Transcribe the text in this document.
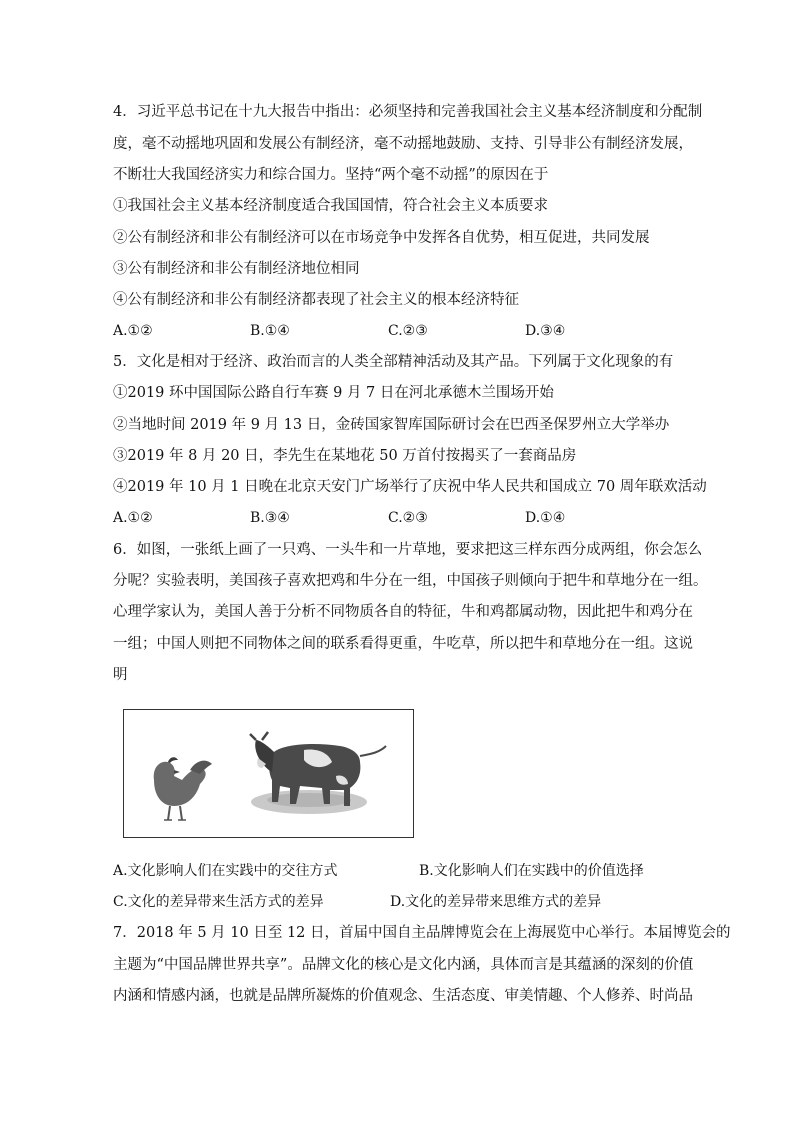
4．习近平总书记在十九大报告中指出：必须坚持和完善我国社会主义基本经济制度和分配制
度，毫不动摇地巩固和发展公有制经济，毫不动摇地鼓励、支持、引导非公有制经济发展，
不断壮大我国经济实力和综合国力。坚持“两个毫不动摇”的原因在于
①我国社会主义基本经济制度适合我国国情，符合社会主义本质要求
②公有制经济和非公有制经济可以在市场竞争中发挥各自优势，相互促进，共同发展
③公有制经济和非公有制经济地位相同
④公有制经济和非公有制经济都表现了社会主义的根本经济特征
A.①②	B.①④	C.②③	D.③④
5．文化是相对于经济、政治而言的人类全部精神活动及其产品。下列属于文化现象的有
①2019 环中国国际公路自行车赛 9 月 7 日在河北承德木兰围场开始
②当地时间 2019 年 9 月 13 日，金砖国家智库国际研讨会在巴西圣保罗州立大学举办
③2019 年 8 月 20 日，李先生在某地花 50 万首付按揭买了一套商品房
④2019 年 10 月 1 日晚在北京天安门广场举行了庆祝中华人民共和国成立 70 周年联欢活动
A.①②	B.③④	C.②③	D.①④
6．如图，一张纸上画了一只鸡、一头牛和一片草地，要求把这三样东西分成两组，你会怎么
分呢？实验表明，美国孩子喜欢把鸡和牛分在一组，中国孩子则倾向于把牛和草地分在一组。
心理学家认为，美国人善于分析不同物质各自的特征，牛和鸡都属动物，因此把牛和鸡分在
一组；中国人则把不同物体之间的联系看得更重，牛吃草，所以把牛和草地分在一组。这说
明
A.文化影响人们在实践中的交往方式	B.文化影响人们在实践中的价值选择
C.文化的差异带来生活方式的差异	D.文化的差异带来思维方式的差异
7．2018 年 5 月 10 日至 12 日，首届中国自主品牌博览会在上海展览中心举行。本届博览会的
主题为“中国品牌世界共享”。品牌文化的核心是文化内涵，具体而言是其蕴涵的深刻的价值
内涵和情感内涵，也就是品牌所凝炼的价值观念、生活态度、审美情趣、个人修养、时尚品
